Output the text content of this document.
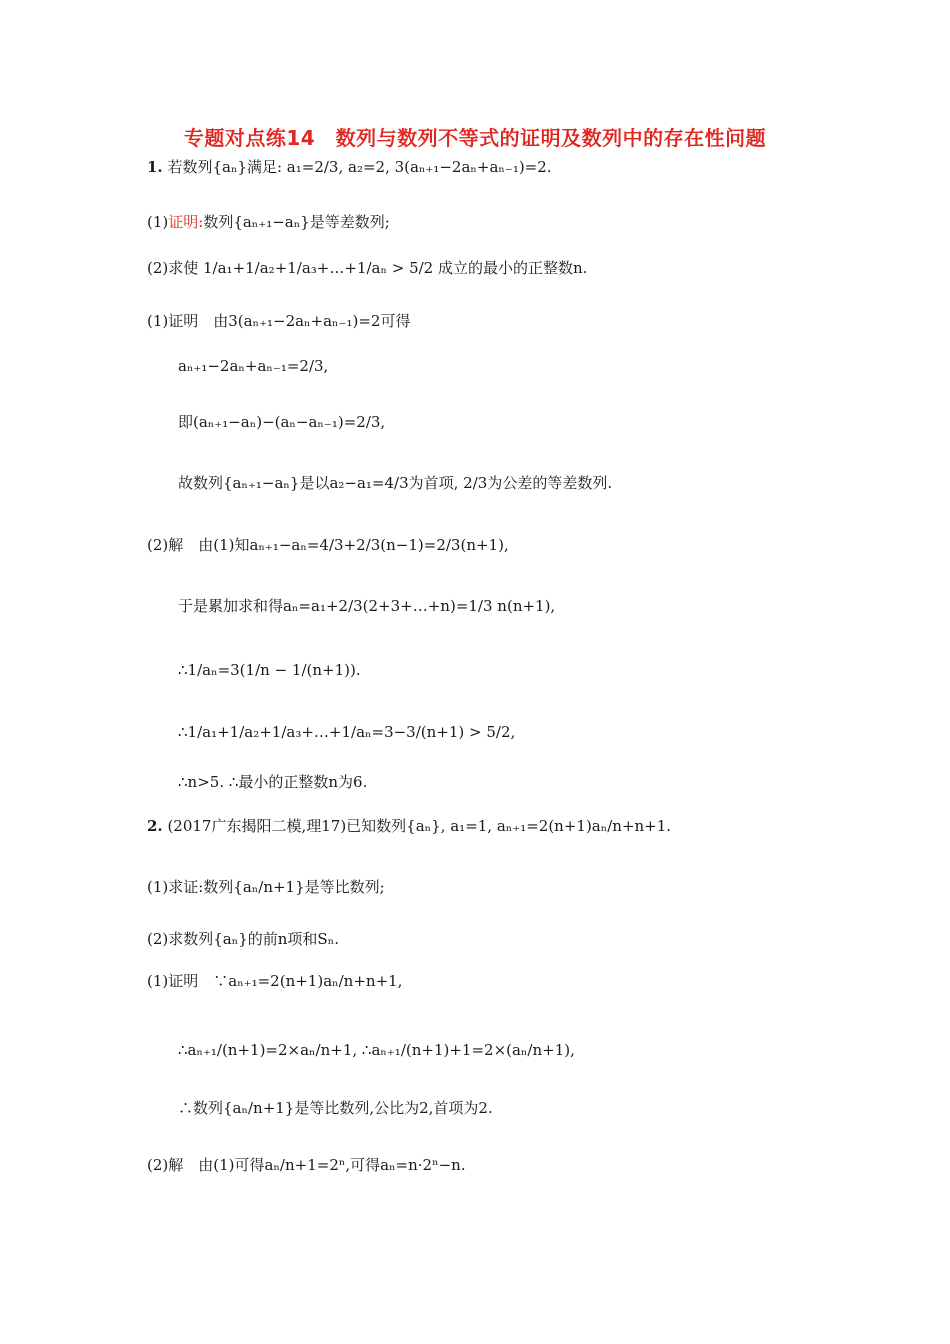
专题对点练14　数列与数列不等式的证明及数列中的存在性问题
1. 若数列{aₙ}满足: a₁=2/3, a₂=2, 3(aₙ₊₁−2aₙ+aₙ₋₁)=2.
(1)证明:数列{aₙ₊₁−aₙ}是等差数列;
(2)求使 1/a₁+1/a₂+1/a₃+…+1/aₙ > 5/2 成立的最小的正整数n.
(1)证明　由3(aₙ₊₁−2aₙ+aₙ₋₁)=2可得
aₙ₊₁−2aₙ+aₙ₋₁=2/3,
即(aₙ₊₁−aₙ)−(aₙ−aₙ₋₁)=2/3,
故数列{aₙ₊₁−aₙ}是以a₂−a₁=4/3为首项, 2/3为公差的等差数列.
(2)解　由(1)知aₙ₊₁−aₙ=4/3+2/3(n−1)=2/3(n+1),
于是累加求和得aₙ=a₁+2/3(2+3+…+n)=1/3 n(n+1),
∴1/aₙ=3(1/n − 1/(n+1)).
∴1/a₁+1/a₂+1/a₃+…+1/aₙ=3−3/(n+1) > 5/2,
∴n>5. ∴最小的正整数n为6.
2. (2017广东揭阳二模,理17)已知数列{aₙ}, a₁=1, aₙ₊₁=2(n+1)aₙ/n+n+1.
(1)求证:数列{aₙ/n+1}是等比数列;
(2)求数列{aₙ}的前n项和Sₙ.
(1)证明　∵aₙ₊₁=2(n+1)aₙ/n+n+1,
∴aₙ₊₁/(n+1)=2×aₙ/n+1, ∴aₙ₊₁/(n+1)+1=2×(aₙ/n+1),
∴数列{aₙ/n+1}是等比数列,公比为2,首项为2.
(2)解　由(1)可得aₙ/n+1=2ⁿ,可得aₙ=n·2ⁿ−n.
